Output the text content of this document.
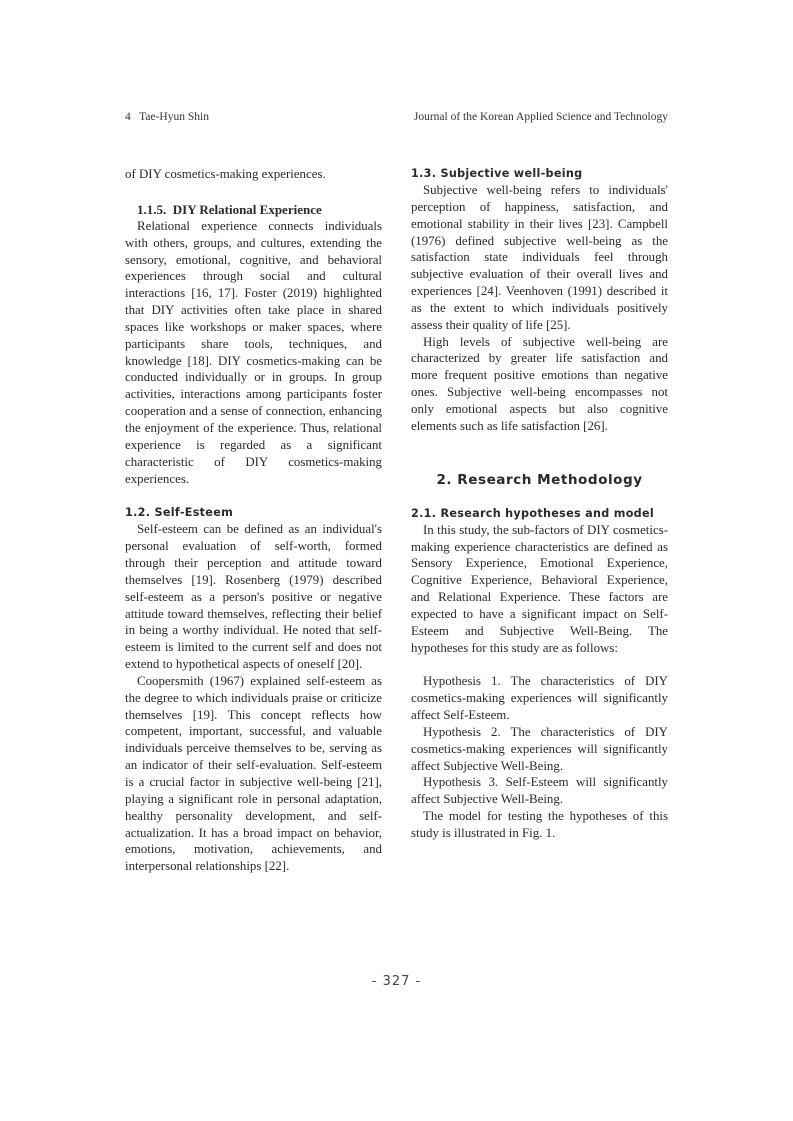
4   Tae-Hyun Shin	Journal of the Korean Applied Science and Technology

of DIY cosmetics-making experiences.

1.1.5.  DIY Relational Experience

Relational experience connects individuals with others, groups, and cultures, extending the sensory, emotional, cognitive, and behavioral experiences through social and cultural interactions [16, 17]. Foster (2019) highlighted that DIY activities often take place in shared spaces like workshops or maker spaces, where participants share tools, techniques, and knowledge [18]. DIY cosmetics-making can be conducted individually or in groups. In group activities, interactions among participants foster cooperation and a sense of connection, enhancing the enjoyment of the experience. Thus, relational experience is regarded as a significant characteristic of DIY cosmetics-making experiences.

1.2. Self-Esteem

Self-esteem can be defined as an individual's personal evaluation of self-worth, formed through their perception and attitude toward themselves [19]. Rosenberg (1979) described self-esteem as a person's positive or negative attitude toward themselves, reflecting their belief in being a worthy individual. He noted that self-esteem is limited to the current self and does not extend to hypothetical aspects of oneself [20].

Coopersmith (1967) explained self-esteem as the degree to which individuals praise or criticize themselves [19]. This concept reflects how competent, important, successful, and valuable individuals perceive themselves to be, serving as an indicator of their self-evaluation. Self-esteem is a crucial factor in subjective well-being [21], playing a significant role in personal adaptation, healthy personality development, and self-actualization. It has a broad impact on behavior, emotions, motivation, achievements, and interpersonal relationships [22].

1.3. Subjective well-being

Subjective well-being refers to individuals' perception of happiness, satisfaction, and emotional stability in their lives [23]. Campbell (1976) defined subjective well-being as the satisfaction state individuals feel through subjective evaluation of their overall lives and experiences [24]. Veenhoven (1991) described it as the extent to which individuals positively assess their quality of life [25].

High levels of subjective well-being are characterized by greater life satisfaction and more frequent positive emotions than negative ones. Subjective well-being encompasses not only emotional aspects but also cognitive elements such as life satisfaction [26].

2. Research Methodology
2.1. Research hypotheses and model

In this study, the sub-factors of DIY cosmetics-making experience characteristics are defined as Sensory Experience, Emotional Experience, Cognitive Experience, Behavioral Experience, and Relational Experience. These factors are expected to have a significant impact on Self-Esteem and Subjective Well-Being. The hypotheses for this study are as follows:

Hypothesis 1. The characteristics of DIY cosmetics-making experiences will significantly affect Self-Esteem.

Hypothesis 2. The characteristics of DIY cosmetics-making experiences will significantly affect Subjective Well-Being.

Hypothesis 3. Self-Esteem will significantly affect Subjective Well-Being.

The model for testing the hypotheses of this study is illustrated in Fig. 1.

- 327 -
